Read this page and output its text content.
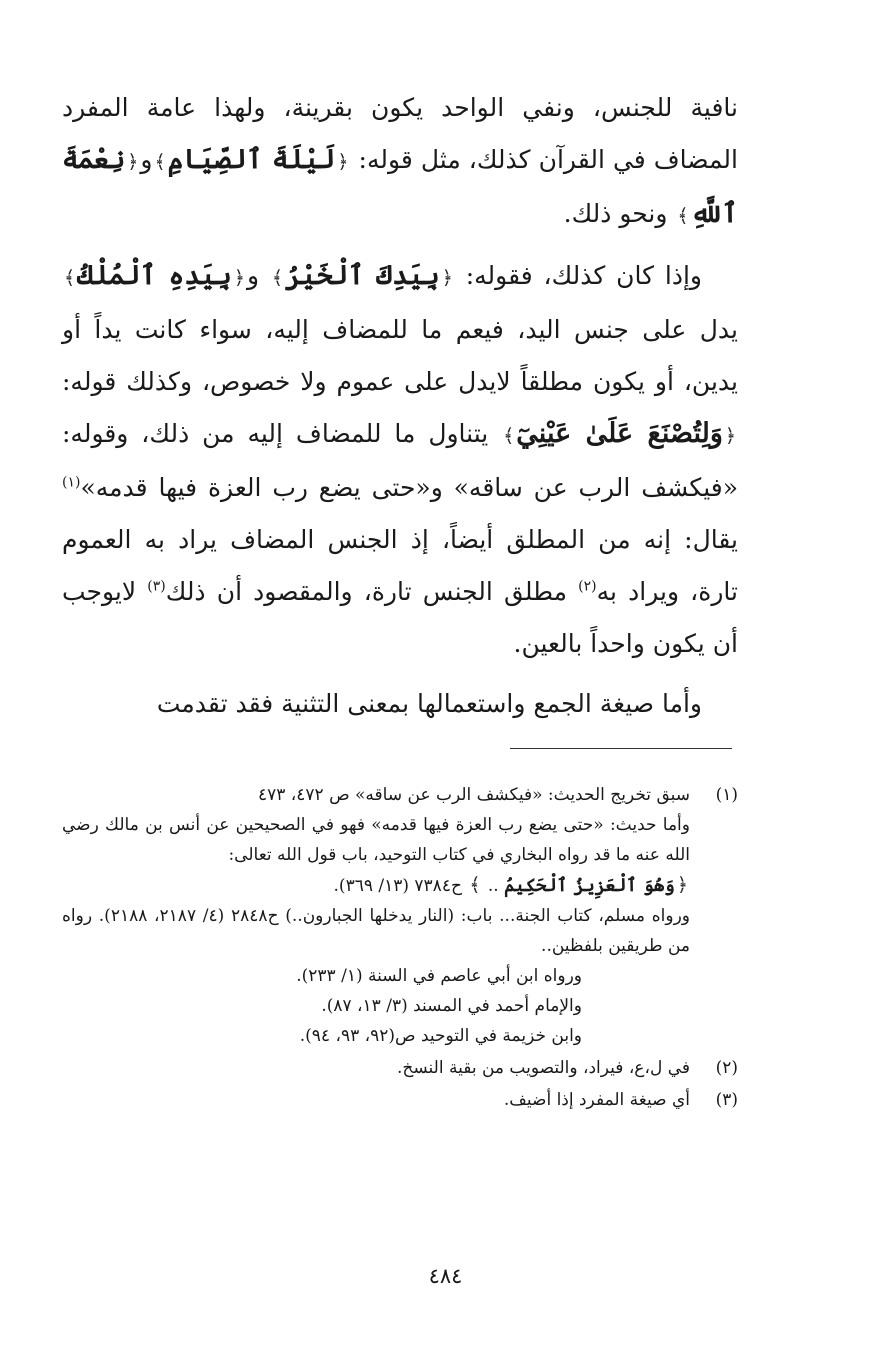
نافية للجنس، ونفي الواحد يكون بقرينة، ولهذا عامة المفرد المضاف في القرآن كذلك، مثل قوله: ﴿لَيْلَةَ ٱلصِّيَامِ﴾و﴿نِعْمَةَ ٱللَّهِ﴾ ونحو ذلك.

وإذا كان كذلك، فقوله: ﴿بِيَدِكَ ٱلْخَيْرُ﴾ و﴿بِيَدِهِ ٱلْمُلْكُ﴾ يدل على جنس اليد، فيعم ما للمضاف إليه، سواء كانت يداً أو يدين، أو يكون مطلقاً لايدل على عموم ولا خصوص، وكذلك قوله: ﴿وَلِتُصْنَعَ عَلَىٰ عَيْنِيٓ﴾ يتناول ما للمضاف إليه من ذلك، وقوله: «فيكشف الرب عن ساقه» و«حتى يضع رب العزة فيها قدمه»$^{(١)}$ يقال: إنه من المطلق أيضاً، إذ الجنس المضاف يراد به العموم تارة، ويراد به$^{(٢)}$ مطلق الجنس تارة، والمقصود أن ذلك$^{(٣)}$ لايوجب أن يكون واحداً بالعين.

وأما صيغة الجمع واستعمالها بمعنى التثنية فقد تقدمت

(١)
سبق تخريج الحديث: «فيكشف الرب عن ساقه» ص ٤٧٢، ٤٧٣
وأما حديث: «حتى يضع رب العزة فيها قدمه» فهو في الصحيحين عن أنس بن مالك رضي الله عنه ما قد رواه البخاري في كتاب التوحيد، باب قول الله تعالى:
﴿وَهُوَ ٱلْعَزِيزُ ٱلْحَكِيمُ .. ﴾ ح٧٣٨٤ (١٣/ ٣٦٩).
ورواه مسلم، كتاب الجنة... باب: (النار يدخلها الجبارون..) ح٢٨٤٨ (٤/ ٢١٨٧، ٢١٨٨). رواه من طريقين بلفظين..
ورواه ابن أبي عاصم في السنة (١/ ٢٣٣).
والإمام أحمد في المسند (٣/ ١٣، ٨٧).
وابن خزيمة في التوحيد ص(٩٢، ٩٣، ٩٤).
(٢)
في ل،ع، فيراد، والتصويب من بقية النسخ.
(٣)
أي صيغة المفرد إذا أضيف.
٤٨٤
